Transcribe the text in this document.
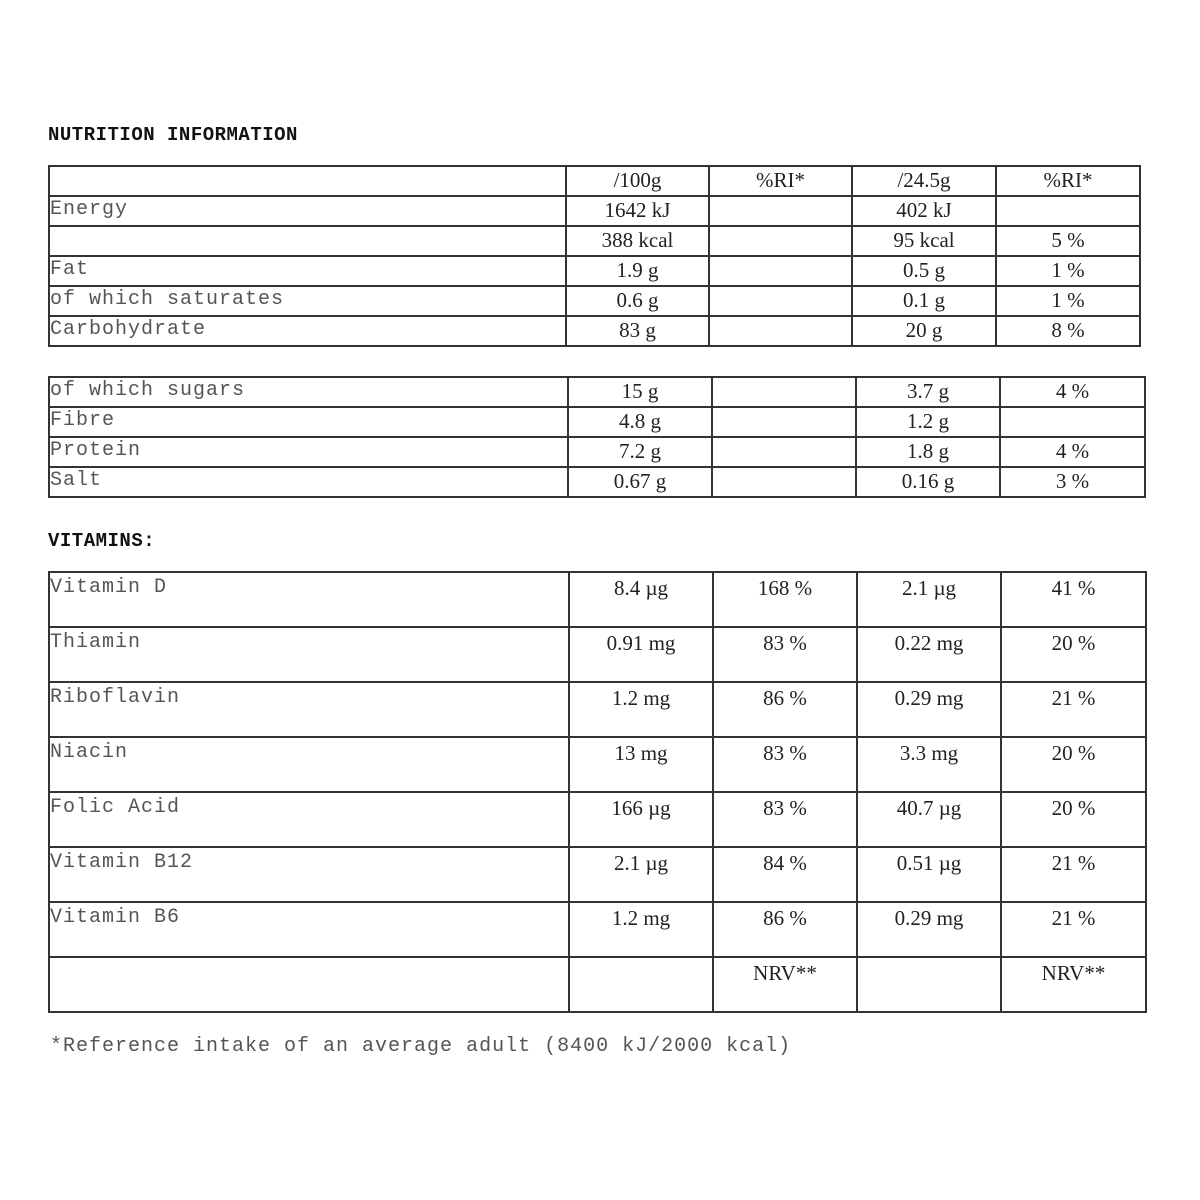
NUTRITION INFORMATION
	/100g	%RI*	/24.5g	%RI*
Energy	1642 kJ		402 kJ	
	388 kcal		95 kcal	5 %
Fat	1.9 g		0.5 g	1 %
of which saturates	0.6 g		0.1 g	1 %
Carbohydrate	83 g		20 g	8 %
of which sugars	15 g		3.7 g	4 %
Fibre	4.8 g		1.2 g	
Protein	7.2 g		1.8 g	4 %
Salt	0.67 g		0.16 g	3 %
VITAMINS:
Vitamin D	8.4 µg	168 %	2.1 µg	41 %
Thiamin	0.91 mg	83 %	0.22 mg	20 %
Riboflavin	1.2 mg	86 %	0.29 mg	21 %
Niacin	13 mg	83 %	3.3 mg	20 %
Folic Acid	166 µg	83 %	40.7 µg	20 %
Vitamin B12	2.1 µg	84 %	0.51 µg	21 %
Vitamin B6	1.2 mg	86 %	0.29 mg	21 %
		NRV**		NRV**
*Reference intake of an average adult (8400 kJ/2000 kcal)
